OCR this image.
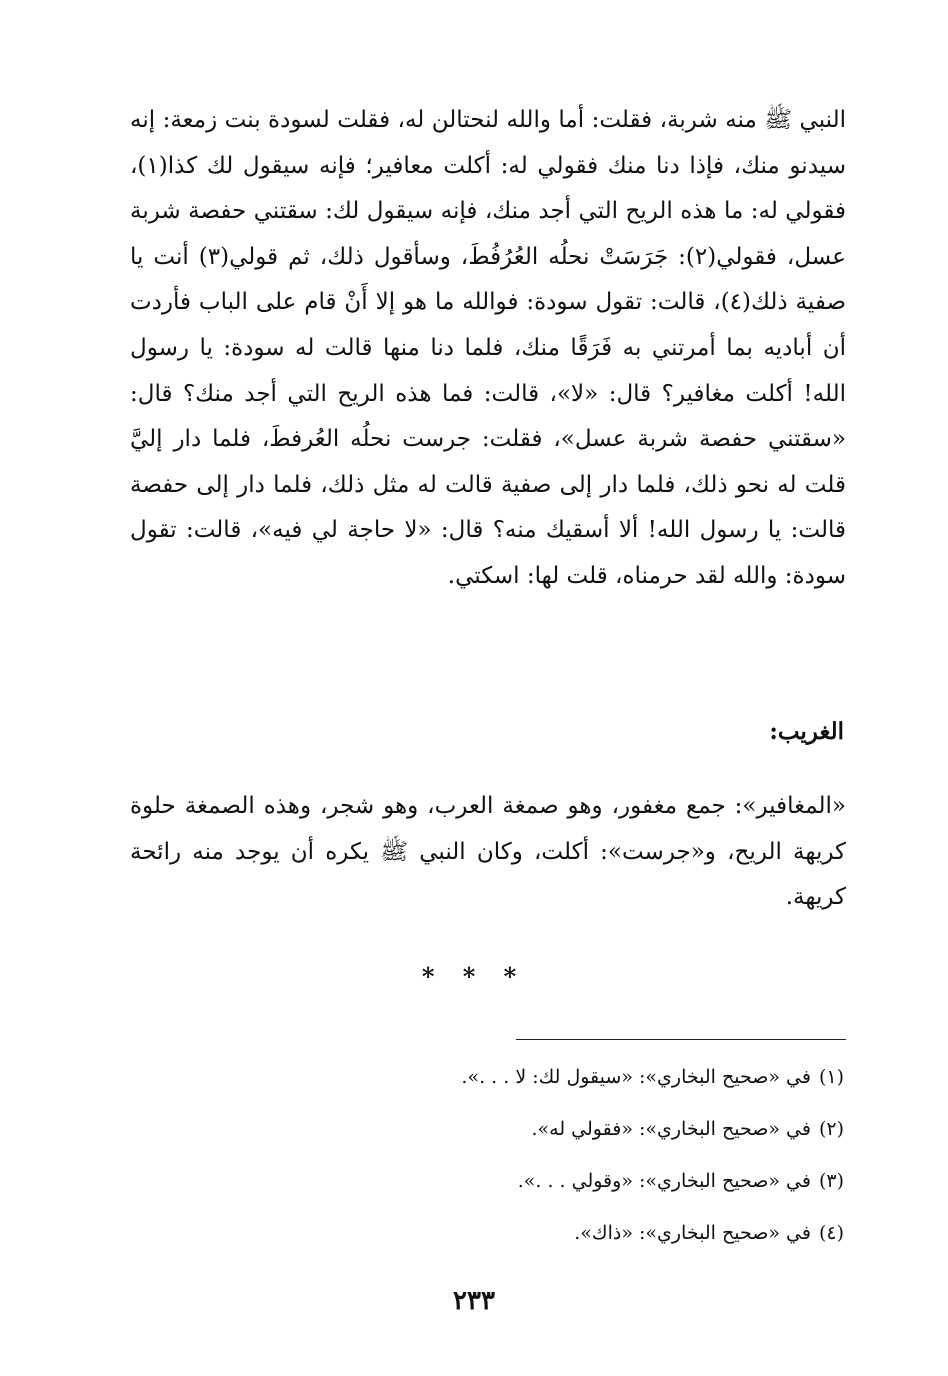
النبي ﷺ منه شربة، فقلت: أما والله لنحتالن له، فقلت لسودة بنت زمعة: إنه سيدنو منك، فإذا دنا منك فقولي له: أكلت معافير؛ فإنه سيقول لك كذا(١)، فقولي له: ما هذه الريح التي أجد منك، فإنه سيقول لك: سقتني حفصة شربة عسل، فقولي(٢): جَرَسَتْ نحلُه العُرُفُطَ، وسأقول ذلك، ثم قولي(٣) أنت يا صفية ذلك(٤)، قالت: تقول سودة: فوالله ما هو إلا أَنْ قام على الباب فأردت أن أباديه بما أمرتني به فَرَقًا منك، فلما دنا منها قالت له سودة: يا رسول الله! أكلت مغافير؟ قال: «لا»، قالت: فما هذه الريح التي أجد منك؟ قال: «سقتني حفصة شربة عسل»، فقلت: جرست نحلُه العُرفطَ، فلما دار إليَّ قلت له نحو ذلك، فلما دار إلى صفية قالت له مثل ذلك، فلما دار إلى حفصة قالت: يا رسول الله! ألا أسقيك منه؟ قال: «لا حاجة لي فيه»، قالت: تقول سودة: والله لقد حرمناه، قلت لها: اسكتي.

الغريب:

«المغافير»: جمع مغفور، وهو صمغة العرب، وهو شجر، وهذه الصمغة حلوة كريهة الريح، و«جرست»: أكلت، وكان النبي ﷺ يكره أن يوجد منه رائحة كريهة.

* * *
(١)في «صحيح البخاري»: «سيقول لك: لا . . .».
(٢)في «صحيح البخاري»: «فقولي له».
(٣)في «صحيح البخاري»: «وقولي . . .».
(٤)في «صحيح البخاري»: «ذاك».
٢٣٣
